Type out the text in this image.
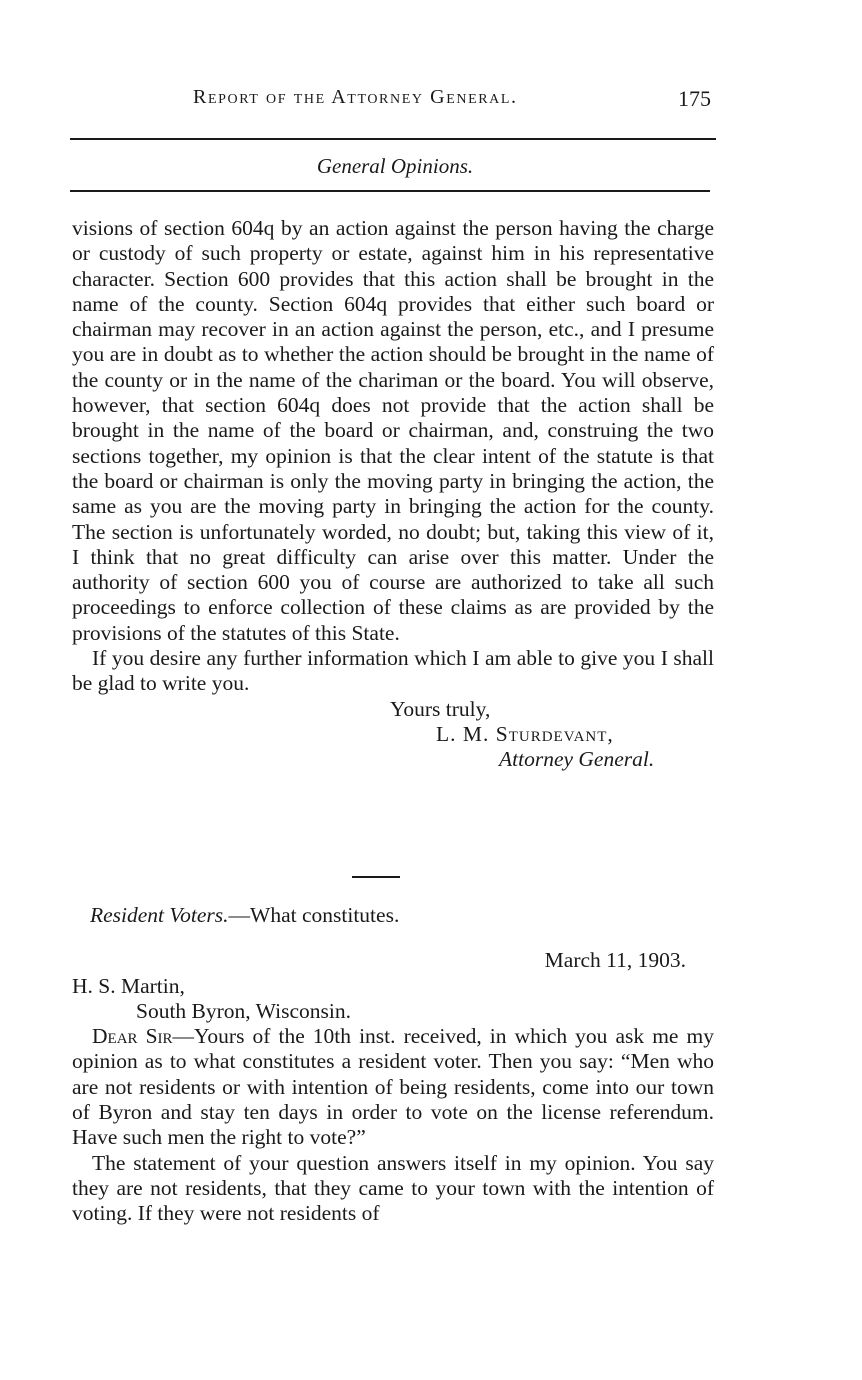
Report of the Attorney General.	175
General Opinions.

visions of section 604q by an action against the person having the charge or custody of such property or estate, against him in his representative character. Section 600 provides that this action shall be brought in the name of the county. Section 604q provides that either such board or chairman may recover in an action against the person, etc., and I presume you are in doubt as to whether the action should be brought in the name of the county or in the name of the chariman or the board. You will observe, however, that section 604q does not provide that the action shall be brought in the name of the board or chairman, and, construing the two sections together, my opinion is that the clear intent of the statute is that the board or chairman is only the moving party in bringing the action, the same as you are the moving party in bringing the action for the county. The section is unfortunately worded, no doubt; but, taking this view of it, I think that no great difficulty can arise over this matter. Under the authority of section 600 you of course are authorized to take all such proceedings to enforce collection of these claims as are provided by the provisions of the statutes of this State.

If you desire any further information which I am able to give you I shall be glad to write you.

Yours truly,

L. M. Sturdevant,

Attorney General.

Resident Voters.—What constitutes.

March 11, 1903.

H. S. Martin,

South Byron, Wisconsin.

Dear Sir—Yours of the 10th inst. received, in which you ask me my opinion as to what constitutes a resident voter. Then you say: “Men who are not residents or with intention of being residents, come into our town of Byron and stay ten days in order to vote on the license referendum. Have such men the right to vote?”

The statement of your question answers itself in my opinion. You say they are not residents, that they came to your town with the intention of voting. If they were not residents of
